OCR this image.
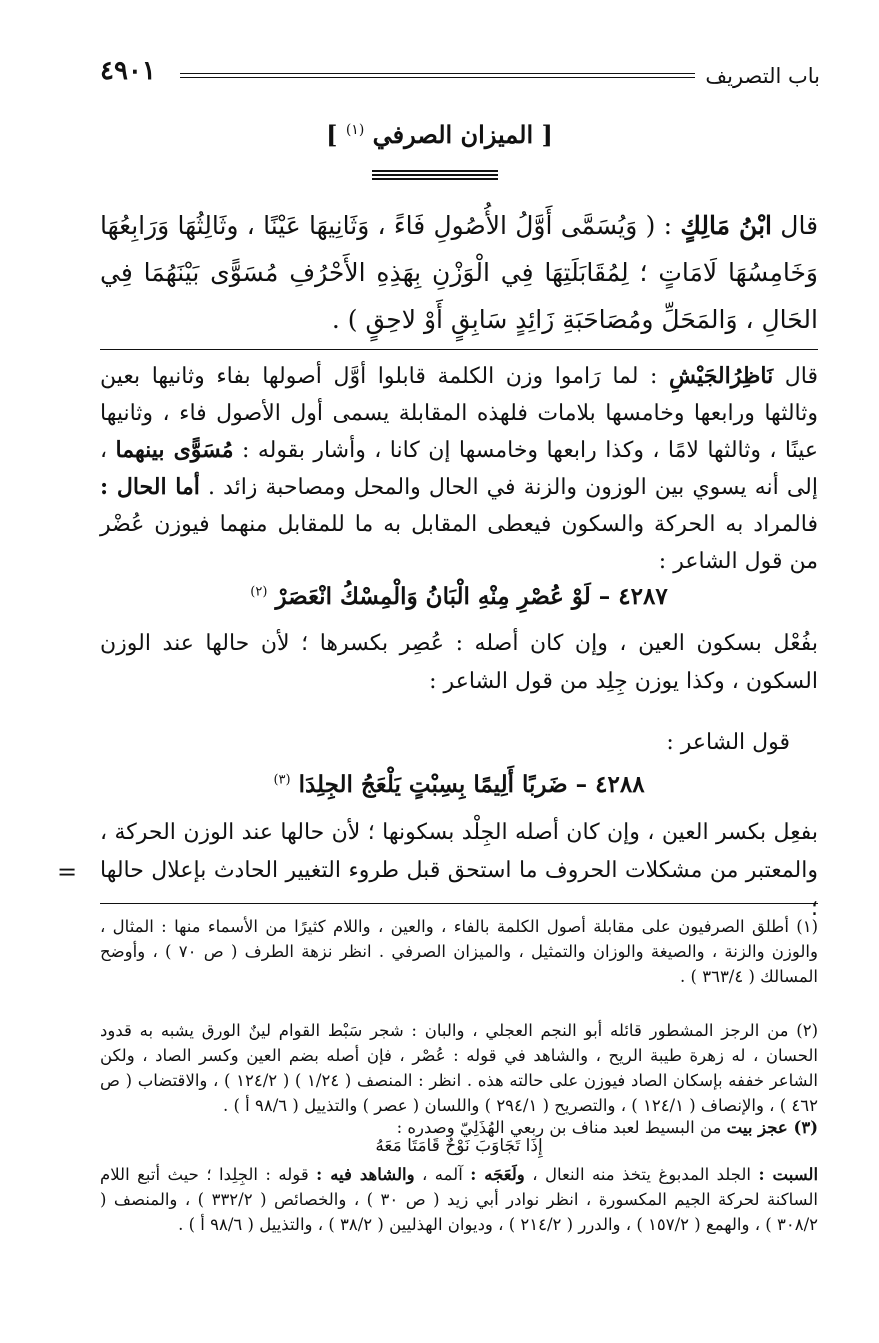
باب التصريف
٤٩٠١
[ الميزان الصرفي $^{(١)}$ ]
قال ابْنُ مَالِكٍ : ( وَيُسَمَّى أَوَّلُ الأُصُولِ فَاءً ، وَثَانِيهَا عَيْنًا ، وثَالِثُهَا وَرَابِعُهَا وَخَامِسُهَا لَامَاتٍ ؛ لِمُقَابَلَتِهَا فِي الْوَزْنِ بِهَذِهِ الأَحْرُفِ مُسَوًّى بَيْنَهُمَا فِي الحَالِ ، وَالمَحَلِّ ومُصَاحَبَةِ زَائِدٍ سَابِقٍ أَوْ لاحِقٍ ) .
قال نَاظِرُالجَيْشِ : لما رَاموا وزن الكلمة قابلوا أوَّل أصولها بفاء وثانيها بعين وثالثها ورابعها وخامسها بلامات فلهذه المقابلة يسمى أول الأصول فاء ، وثانيها عينًا ، وثالثها لامًا ، وكذا رابعها وخامسها إن كانا ، وأشار بقوله : مُسَوًّى بينهما ، إلى أنه يسوي بين الوزون والزنة في الحال والمحل ومصاحبة زائد . أما الحال : فالمراد به الحركة والسكون فيعطى المقابل به ما للمقابل منهما فيوزن عُضْر من قول الشاعر :
٤٢٨٧ – لَوْ عُصْرِ مِنْهِ الْبَانُ وَالْمِسْكُ انْعَصَرْ $^{(٢)}$
بفُعْل بسكون العين ، وإن كان أصله : عُصِر بكسرها ؛ لأن حالها عند الوزن السكون ، وكذا يوزن جِلِد من قول الشاعر :
قول الشاعر :
٤٢٨٨ – ضَربًا أَلِيمًا بِسِبْتٍ يَلْعَجُ الجِلِدَا $^{(٣)}$
بفعِل بكسر العين ، وإن كان أصله الجِلْد بسكونها ؛ لأن حالها عند الوزن الحركة ، والمعتبر من مشكلات الحروف ما استحق قبل طروء التغيير الحادث بإعلال حالها ؛
=
(١) أطلق الصرفيون على مقابلة أصول الكلمة بالفاء ، والعين ، واللام كثيرًا من الأسماء منها : المثال ، والوزن والزنة ، والصيغة والوزان والتمثيل ، والميزان الصرفي . انظر نزهة الطرف ( ص ٧٠ ) ، وأوضح المسالك ( ٣٦٣/٤ ) .
(٢) من الرجز المشطور قائله أبو النجم العجلي ، والبان : شجر سَبْط القوام لينٌ الورق يشبه به قدود الحسان ، له زهرة طيبة الريح ، والشاهد في قوله : عُصْر ، فإن أصله بضم العين وكسر الصاد ، ولكن الشاعر خففه بإسكان الصاد فيوزن على حالته هذه . انظر : المنصف ( ١/٢٤ ) ( ١٢٤/٢ ) ، والاقتضاب ( ص ٤٦٢ ) ، والإنصاف ( ١٢٤/١ ) ، والتصريح ( ٢٩٤/١ ) واللسان ( عصر ) والتذييل ( ٩٨/٦ أ ) .
(٣) عجز بيت من البسيط لعبد مناف بن ربعي الهُذَلِيّ وصدره :
إِذَا تَجَاوَبَ نَوْحٌ قَامَتَا مَعَهُ
السبت : الجلد المدبوغ يتخذ منه النعال ، ولَعَجَه : آلمه ، والشاهد فيه : قوله : الجِلِدا ؛ حيث أتبع اللام الساكنة لحركة الجيم المكسورة ، انظر نوادر أبي زيد ( ص ٣٠ ) ، والخصائص ( ٣٣٢/٢ ) ، والمنصف ( ٣٠٨/٢ ) ، والهمع ( ١٥٧/٢ ) ، والدرر ( ٢١٤/٢ ) ، وديوان الهذليين ( ٣٨/٢ ) ، والتذييل ( ٩٨/٦ أ ) .
